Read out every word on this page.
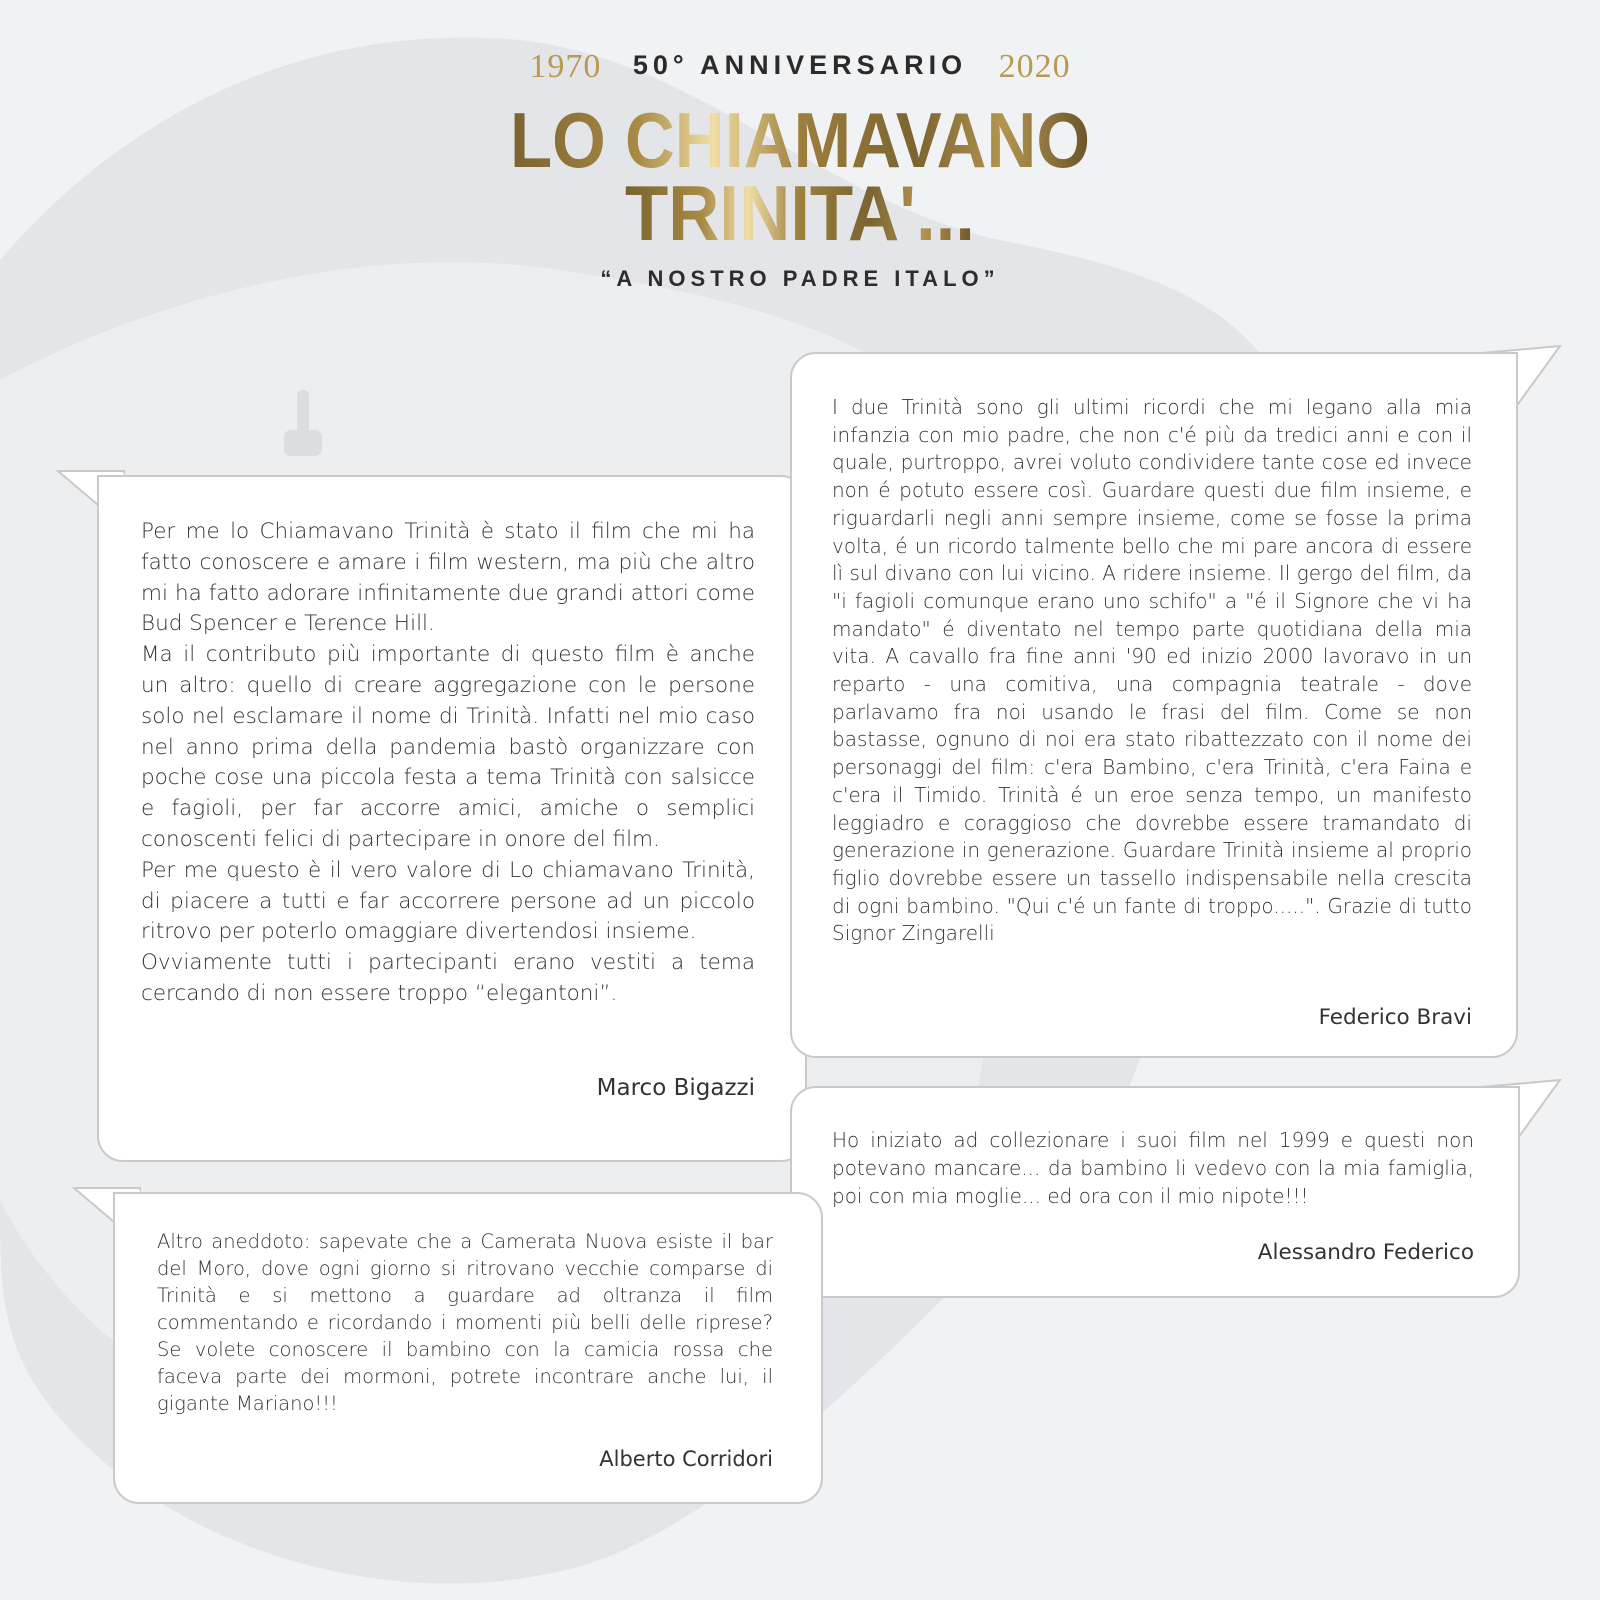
1970 50° ANNIVERSARIO 2020
LO CHIAMAVANO
TRINITA'...
“A NOSTRO PADRE ITALO”
Per me lo Chiamavano Trinità è stato il film che mi ha fatto conoscere e amare i film western, ma più che altro mi ha fatto adorare infinitamente due grandi attori come Bud Spencer e Terence Hill.
Ma il contributo più importante di questo film è anche un altro: quello di creare aggregazione con le persone solo nel esclamare il nome di Trinità. Infatti nel mio caso nel anno prima della pandemia bastò organizzare con poche cose una piccola festa a tema Trinità con salsicce e fagioli, per far accorre amici, amiche o semplici conoscenti felici di partecipare in onore del film.
Per me questo è il vero valore di Lo chiamavano Trinità, di piacere a tutti e far accorrere persone ad un piccolo ritrovo per poterlo omaggiare divertendosi insieme.
Ovviamente tutti i partecipanti erano vestiti a tema cercando di non essere troppo “elegantoni”.
Marco Bigazzi
I due Trinità sono gli ultimi ricordi che mi legano alla mia infanzia con mio padre, che non c'é più da tredici anni e con il quale, purtroppo, avrei voluto condividere tante cose ed invece non é potuto essere così. Guardare questi due film insieme, e riguardarli negli anni sempre insieme, come se fosse la prima volta, é un ricordo talmente bello che mi pare ancora di essere lì sul divano con lui vicino. A ridere insieme. Il gergo del film, da "i fagioli comunque erano uno schifo" a "é il Signore che vi ha mandato" é diventato nel tempo parte quotidiana della mia vita. A cavallo fra fine anni '90 ed inizio 2000 lavoravo in un reparto - una comitiva, una compagnia teatrale - dove parlavamo fra noi usando le frasi del film. Come se non bastasse, ognuno di noi era stato ribattezzato con il nome dei personaggi del film: c'era Bambino, c'era Trinità, c'era Faina e c'era il Timido. Trinità é un eroe senza tempo, un manifesto leggiadro e coraggioso che dovrebbe essere tramandato di generazione in generazione. Guardare Trinità insieme al proprio figlio dovrebbe essere un tassello indispensabile nella crescita di ogni bambino. "Qui c'é un fante di troppo.....". Grazie di tutto Signor Zingarelli
Federico Bravi
Ho iniziato ad collezionare i suoi film nel 1999 e questi non potevano mancare... da bambino li vedevo con la mia famiglia, poi con mia moglie... ed ora con il mio nipote!!!
Alessandro Federico
Altro aneddoto: sapevate che a Camerata Nuova esiste il bar del Moro, dove ogni giorno si ritrovano vecchie comparse di Trinità e si mettono a guardare ad oltranza il film commentando e ricordando i momenti più belli delle riprese? Se volete conoscere il bambino con la camicia rossa che faceva parte dei mormoni, potrete incontrare anche lui, il gigante Mariano!!!
Alberto Corridori
